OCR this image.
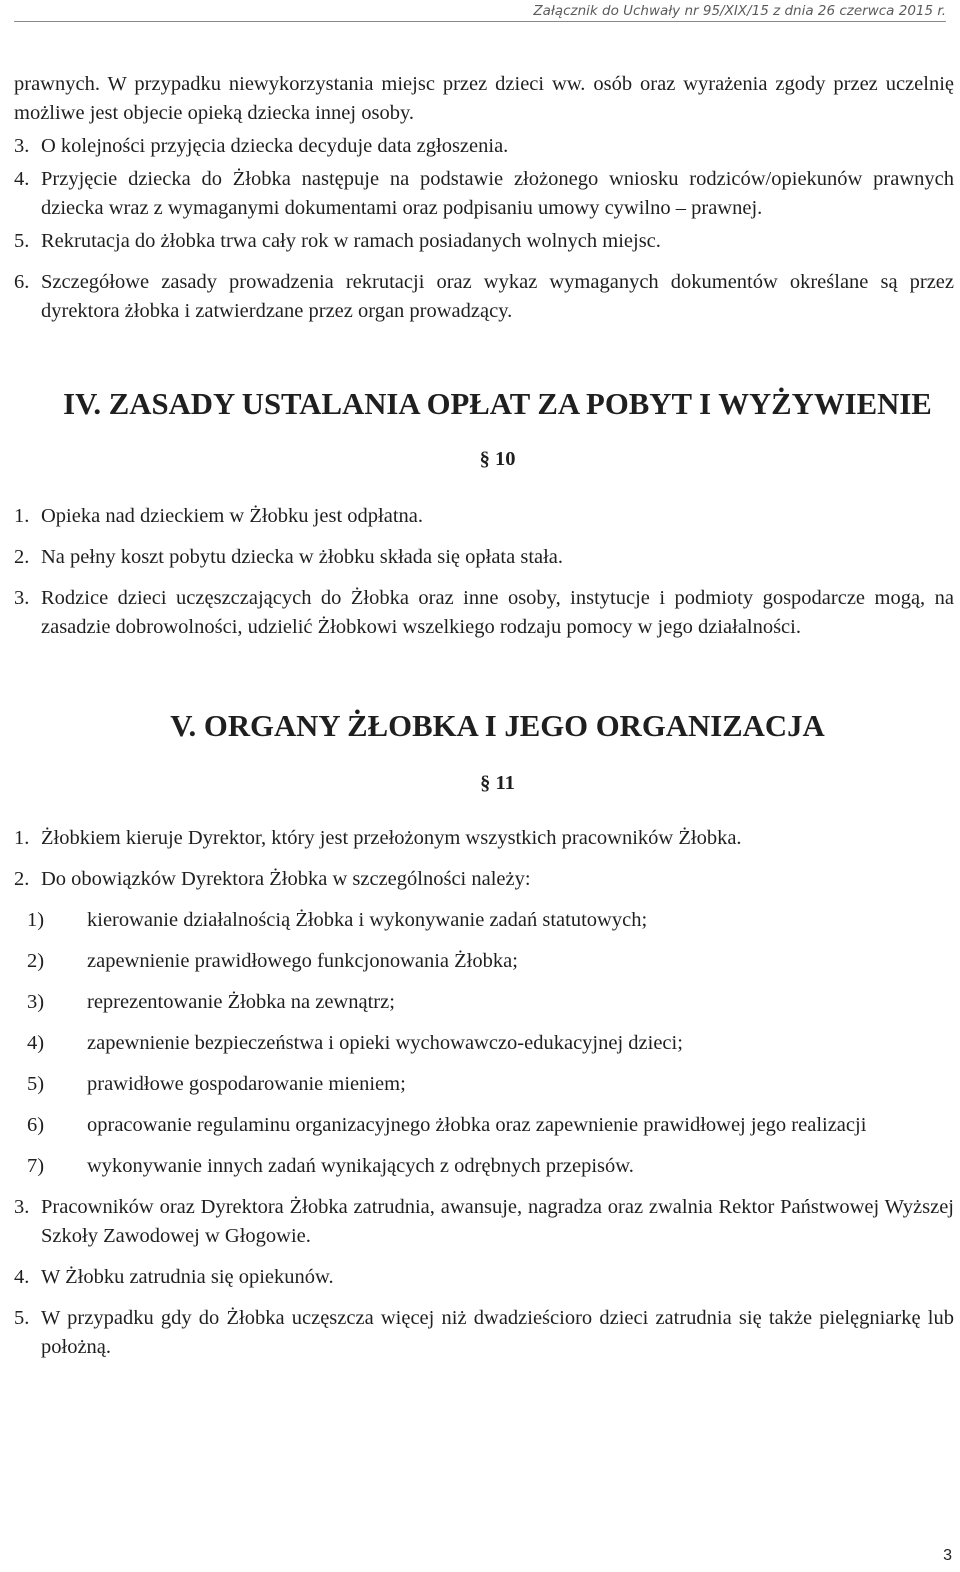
Załącznik do Uchwały nr 95/XIX/15 z dnia 26 czerwca 2015 r.

prawnych. W przypadku niewykorzystania miejsc przez dzieci ww. osób oraz wyrażenia zgody przez uczelnię możliwe jest objecie opieką dziecka innej osoby.

3. O kolejności przyjęcia dziecka decyduje data zgłoszenia.
4. Przyjęcie dziecka do Żłobka następuje na podstawie złożonego wniosku rodziców/opiekunów prawnych dziecka wraz z wymaganymi dokumentami oraz podpisaniu umowy cywilno – prawnej.
5. Rekrutacja do żłobka trwa cały rok w ramach posiadanych wolnych miejsc.
6. Szczegółowe zasady prowadzenia rekrutacji oraz wykaz wymaganych dokumentów określane są przez dyrektora żłobka i zatwierdzane przez organ prowadzący.
IV. ZASADY USTALANIA OPŁAT ZA POBYT I WYŻYWIENIE
§ 10
1. Opieka nad dzieckiem w Żłobku jest odpłatna.
2. Na pełny koszt pobytu dziecka w żłobku składa się opłata stała.
3. Rodzice dzieci uczęszczających do Żłobka oraz inne osoby, instytucje i podmioty gospodarcze mogą, na zasadzie dobrowolności, udzielić Żłobkowi wszelkiego rodzaju pomocy w jego działalności.
V. ORGANY ŻŁOBKA I JEGO ORGANIZACJA
§ 11
1. Żłobkiem kieruje Dyrektor, który jest przełożonym wszystkich pracowników Żłobka.
2. Do obowiązków Dyrektora Żłobka w szczególności należy:
1) kierowanie działalnością Żłobka i wykonywanie zadań statutowych;
2) zapewnienie prawidłowego funkcjonowania Żłobka;
3) reprezentowanie Żłobka na zewnątrz;
4) zapewnienie bezpieczeństwa i opieki wychowawczo-edukacyjnej dzieci;
5) prawidłowe gospodarowanie mieniem;
6) opracowanie regulaminu organizacyjnego żłobka oraz zapewnienie prawidłowej jego realizacji
7) wykonywanie innych zadań wynikających z odrębnych przepisów.
3. Pracowników oraz Dyrektora Żłobka zatrudnia, awansuje, nagradza oraz zwalnia Rektor Państwowej Wyższej Szkoły Zawodowej w Głogowie.
4. W Żłobku zatrudnia się opiekunów.
5. W przypadku gdy do Żłobka uczęszcza więcej niż dwadzieścioro dzieci zatrudnia się także pielęgniarkę lub położną.
3
